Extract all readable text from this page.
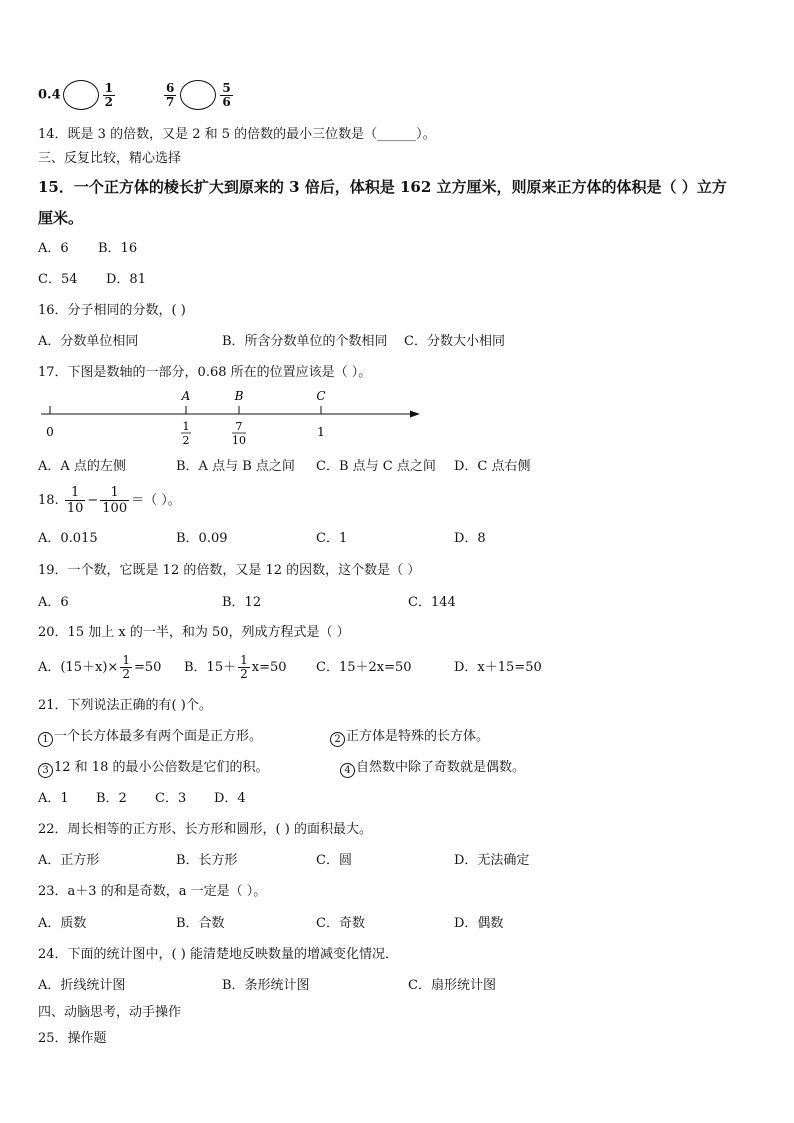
0.4	$\frac{1}{2}$
	$\frac{6}{7}$	$\frac{5}{6}$
14．既是 3 的倍数，又是 2 和 5 的倍数的最小三位数是（______）。
三、反复比较，精心选择
15．一个正方体的棱长扩大到原来的 3 倍后，体积是 162 立方厘米，则原来正方体的体积是（ ）立方
厘米。
A．6 B．16
C．54 D．81
16．分子相同的分数，( )
A．分数单位相同	B．所含分数单位的个数相同 C．分数大小相同
17．下图是数轴的一部分，0.68 所在的位置应该是（ ）。
A	B	C
0	1
2
7
10
1
A．A 点的左侧	B．A 点与 B 点之间 C．B 点与 C 点之间 D．C 点右侧
18. $\frac{1}{10} - \frac{1}{100}$ ＝（ ）。
A．0.015	B．0.09	C．1	D．8
19．一个数，它既是 12 的倍数，又是 12 的因数，这个数是（ ）
A．6	B．12	C．144
20．15 加上 x 的一半，和为 50，列成方程式是（ ）
A．$(15+x)\times \frac{1}{2} =50$ B．$15+ \frac{1}{2} x=50$ C．15＋2x=50	D．x＋15=50
21．下列说法正确的有( )个。
1 一个长方体最多有两个面是正方形。	2 正方体是特殊的长方体。
3 12 和 18 的最小公倍数是它们的积。	4 自然数中除了奇数就是偶数。
A．1 B．2 C．3 D．4
22．周长相等的正方形、长方形和圆形，( ) 的面积最大。
A．正方形	B．长方形	C．圆	D．无法确定
23．a＋3 的和是奇数，a 一定是（ ）。
A．质数	B．合数	C．奇数	D．偶数
24．下面的统计图中，( ) 能清楚地反映数量的增减变化情况．
A．折线统计图	B．条形统计图	C．扇形统计图
四、动脑思考，动手操作
25．操作题
